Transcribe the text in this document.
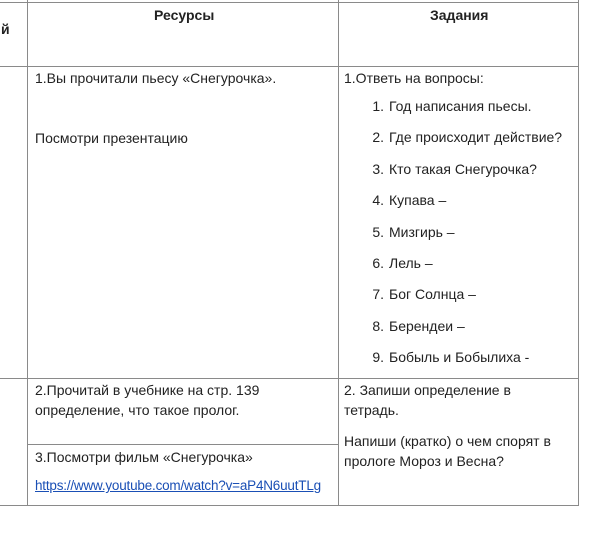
й
Ресурсы	Задания
1.Вы прочитали пьесу «Снегурочка».
Посмотри презентацию
1.Ответь на вопросы:
1. Год написания пьесы.
2. Где происходит действие?
3. Кто такая Снегурочка?
4. Купава –
5. Мизгирь –
6. Лель –
7. Бог Солнца –
8. Берендеи –
9. Бобыль и Бобылиха -
2.Прочитай в учебнике на стр. 139
определение, что такое пролог.
3.Посмотри фильм «Снегурочка»
https://www.youtube.com/watch?v=aP4N6uutTLg
2. Запиши определение в
тетрадь.
Напиши (кратко) о чем спорят в
прологе Мороз и Весна?
